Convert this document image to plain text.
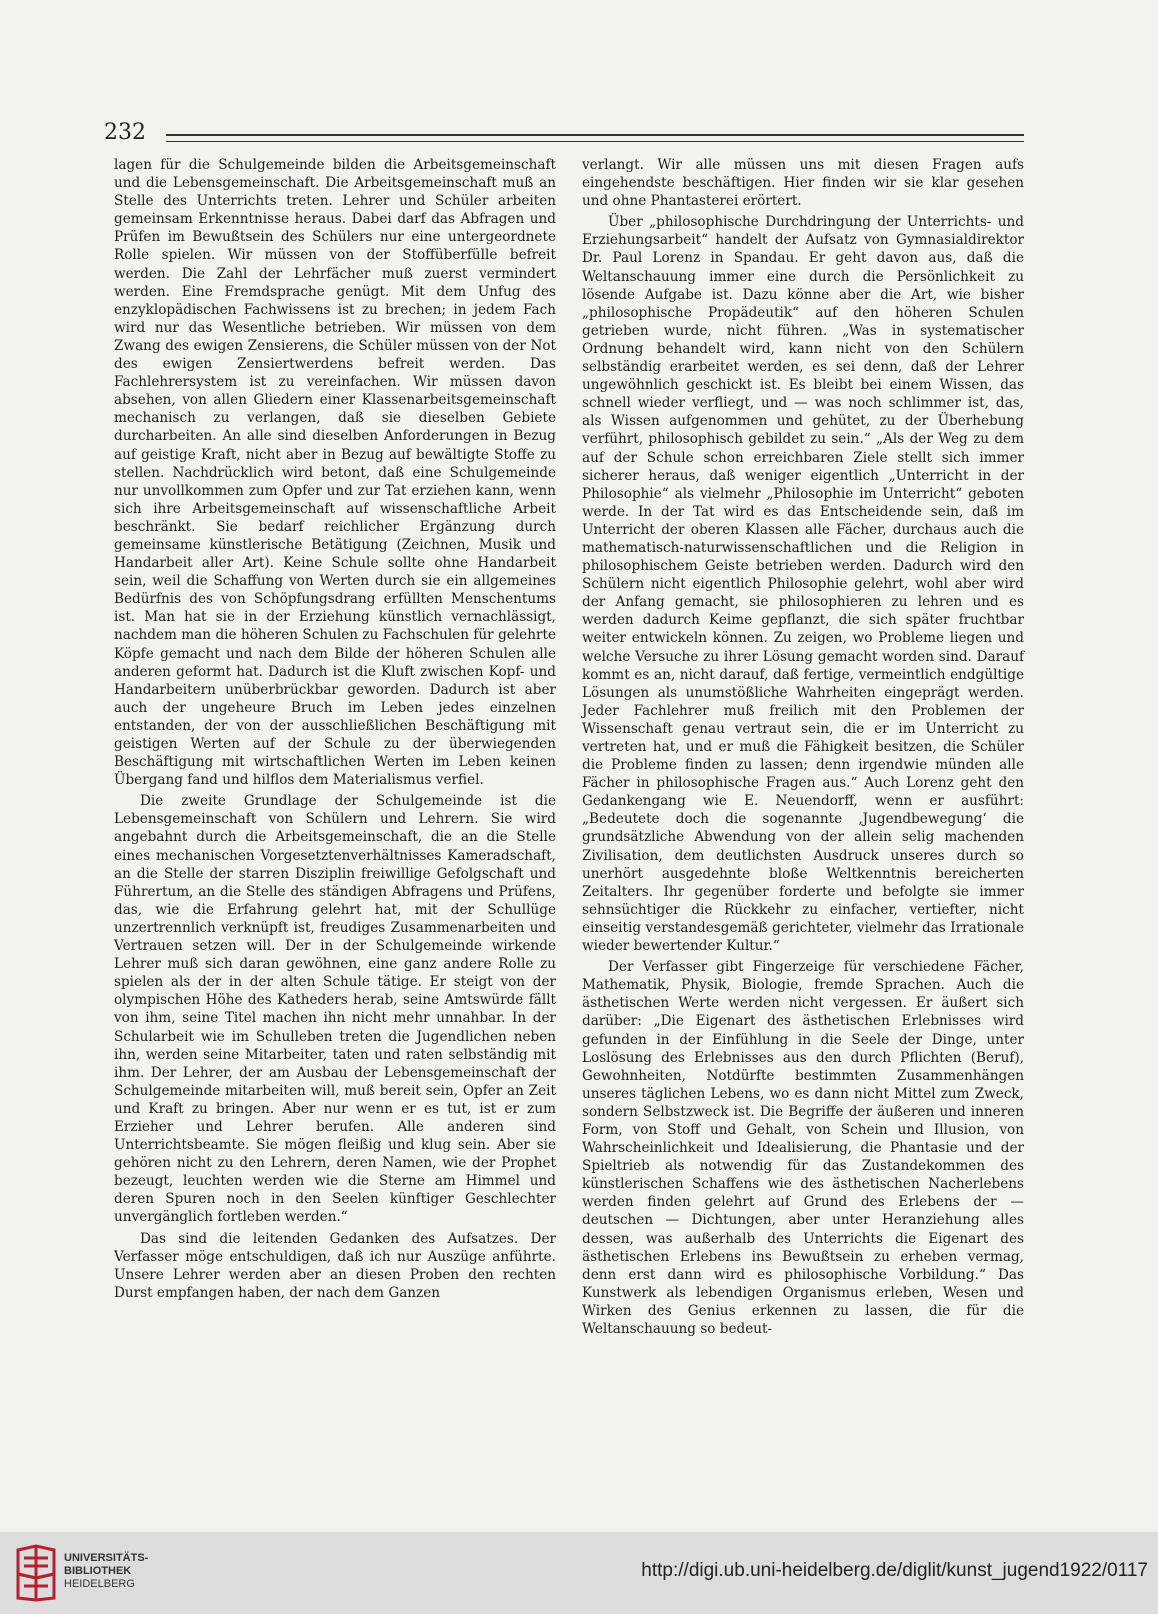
232

lagen für die Schulgemeinde bilden die Arbeitsgemeinschaft und die Lebensgemeinschaft. Die Arbeitsgemeinschaft muß an Stelle des Unterrichts treten. Lehrer und Schüler arbeiten gemeinsam Erkenntnisse heraus. Dabei darf das Abfragen und Prüfen im Bewußtsein des Schülers nur eine untergeordnete Rolle spielen. Wir müssen von der Stoffüberfülle befreit werden. Die Zahl der Lehrfächer muß zuerst vermindert werden. Eine Fremdsprache genügt. Mit dem Unfug des enzyklopädischen Fachwissens ist zu brechen; in jedem Fach wird nur das Wesentliche betrieben. Wir müssen von dem Zwang des ewigen Zensierens, die Schüler müssen von der Not des ewigen Zensiertwerdens befreit werden. Das Fachlehrersystem ist zu vereinfachen. Wir müssen davon absehen, von allen Gliedern einer Klassenarbeitsgemeinschaft mechanisch zu verlangen, daß sie dieselben Gebiete durcharbeiten. An alle sind dieselben Anforderungen in Bezug auf geistige Kraft, nicht aber in Bezug auf bewältigte Stoffe zu stellen. Nachdrücklich wird betont, daß eine Schulgemeinde nur unvollkommen zum Opfer und zur Tat erziehen kann, wenn sich ihre Arbeitsgemeinschaft auf wissenschaftliche Arbeit beschränkt. Sie bedarf reichlicher Ergänzung durch gemeinsame künstlerische Betätigung (Zeichnen, Musik und Handarbeit aller Art). Keine Schule sollte ohne Handarbeit sein, weil die Schaffung von Werten durch sie ein allgemeines Bedürfnis des von Schöpfungsdrang erfüllten Menschentums ist. Man hat sie in der Erziehung künstlich vernachlässigt, nachdem man die höheren Schulen zu Fachschulen für gelehrte Köpfe gemacht und nach dem Bilde der höheren Schulen alle anderen geformt hat. Dadurch ist die Kluft zwischen Kopf- und Handarbeitern unüberbrückbar geworden. Dadurch ist aber auch der ungeheure Bruch im Leben jedes einzelnen entstanden, der von der ausschließlichen Beschäftigung mit geistigen Werten auf der Schule zu der überwiegenden Beschäftigung mit wirtschaftlichen Werten im Leben keinen Übergang fand und hilflos dem Materialismus verfiel.

Die zweite Grundlage der Schulgemeinde ist die Lebensgemeinschaft von Schülern und Lehrern. Sie wird angebahnt durch die Arbeitsgemeinschaft, die an die Stelle eines mechanischen Vorgesetztenverhältnisses Kameradschaft, an die Stelle der starren Disziplin freiwillige Gefolgschaft und Führertum, an die Stelle des ständigen Abfragens und Prüfens, das, wie die Erfahrung gelehrt hat, mit der Schullüge unzertrennlich verknüpft ist, freudiges Zusammenarbeiten und Vertrauen setzen will. Der in der Schulgemeinde wirkende Lehrer muß sich daran gewöhnen, eine ganz andere Rolle zu spielen als der in der alten Schule tätige. Er steigt von der olympischen Höhe des Katheders herab, seine Amtswürde fällt von ihm, seine Titel machen ihn nicht mehr unnahbar. In der Schularbeit wie im Schulleben treten die Jugendlichen neben ihn, werden seine Mitarbeiter, taten und raten selbständig mit ihm. Der Lehrer, der am Ausbau der Lebensgemeinschaft der Schulgemeinde mitarbeiten will, muß bereit sein, Opfer an Zeit und Kraft zu bringen. Aber nur wenn er es tut, ist er zum Erzieher und Lehrer berufen. Alle anderen sind Unterrichtsbeamte. Sie mögen fleißig und klug sein. Aber sie gehören nicht zu den Lehrern, deren Namen, wie der Prophet bezeugt, leuchten werden wie die Sterne am Himmel und deren Spuren noch in den Seelen künftiger Geschlechter unvergänglich fortleben werden.“

Das sind die leitenden Gedanken des Aufsatzes. Der Verfasser möge entschuldigen, daß ich nur Auszüge anführte. Unsere Lehrer werden aber an diesen Proben den rechten Durst empfangen haben, der nach dem Ganzen

verlangt. Wir alle müssen uns mit diesen Fragen aufs eingehendste beschäftigen. Hier finden wir sie klar gesehen und ohne Phantasterei erörtert.

Über „philosophische Durchdringung der Unterrichts- und Erziehungsarbeit“ handelt der Aufsatz von Gymnasialdirektor Dr. Paul Lorenz in Spandau. Er geht davon aus, daß die Weltanschauung immer eine durch die Persönlichkeit zu lösende Aufgabe ist. Dazu könne aber die Art, wie bisher „philosophische Propädeutik“ auf den höheren Schulen getrieben wurde, nicht führen. „Was in systematischer Ordnung behandelt wird, kann nicht von den Schülern selbständig erarbeitet werden, es sei denn, daß der Lehrer ungewöhnlich geschickt ist. Es bleibt bei einem Wissen, das schnell wieder verfliegt, und — was noch schlimmer ist, das, als Wissen aufgenommen und gehütet, zu der Überhebung verführt, philosophisch gebildet zu sein.“ „Als der Weg zu dem auf der Schule schon erreichbaren Ziele stellt sich immer sicherer heraus, daß weniger eigentlich „Unterricht in der Philosophie“ als vielmehr „Philosophie im Unterricht“ geboten werde. In der Tat wird es das Entscheidende sein, daß im Unterricht der oberen Klassen alle Fächer, durchaus auch die mathematisch-naturwissenschaftlichen und die Religion in philosophischem Geiste betrieben werden. Dadurch wird den Schülern nicht eigentlich Philosophie gelehrt, wohl aber wird der Anfang gemacht, sie philosophieren zu lehren und es werden dadurch Keime gepflanzt, die sich später fruchtbar weiter entwickeln können. Zu zeigen, wo Probleme liegen und welche Versuche zu ihrer Lösung gemacht worden sind. Darauf kommt es an, nicht darauf, daß fertige, vermeintlich endgültige Lösungen als unumstößliche Wahrheiten eingeprägt werden. Jeder Fachlehrer muß freilich mit den Problemen der Wissenschaft genau vertraut sein, die er im Unterricht zu vertreten hat, und er muß die Fähigkeit besitzen, die Schüler die Probleme finden zu lassen; denn irgendwie münden alle Fächer in philosophische Fragen aus.“ Auch Lorenz geht den Gedankengang wie E. Neuendorff, wenn er ausführt: „Bedeutete doch die sogenannte ‚Jugendbewegung‘ die grundsätzliche Abwendung von der allein selig machenden Zivilisation, dem deutlichsten Ausdruck unseres durch so unerhört ausgedehnte bloße Weltkenntnis bereicherten Zeitalters. Ihr gegenüber forderte und befolgte sie immer sehnsüchtiger die Rückkehr zu einfacher, vertiefter, nicht einseitig verstandesgemäß gerichteter, vielmehr das Irrationale wieder bewertender Kultur.“

Der Verfasser gibt Fingerzeige für verschiedene Fächer, Mathematik, Physik, Biologie, fremde Sprachen. Auch die ästhetischen Werte werden nicht vergessen. Er äußert sich darüber: „Die Eigenart des ästhetischen Erlebnisses wird gefunden in der Einfühlung in die Seele der Dinge, unter Loslösung des Erlebnisses aus den durch Pflichten (Beruf), Gewohnheiten, Notdürfte bestimmten Zusammenhängen unseres täglichen Lebens, wo es dann nicht Mittel zum Zweck, sondern Selbstzweck ist. Die Begriffe der äußeren und inneren Form, von Stoff und Gehalt, von Schein und Illusion, von Wahrscheinlichkeit und Idealisierung, die Phantasie und der Spieltrieb als notwendig für das Zustandekommen des künstlerischen Schaffens wie des ästhetischen Nacherlebens werden finden gelehrt auf Grund des Erlebens der — deutschen — Dichtungen, aber unter Heranziehung alles dessen, was außerhalb des Unterrichts die Eigenart des ästhetischen Erlebens ins Bewußtsein zu erheben vermag, denn erst dann wird es philosophische Vorbildung.“ Das Kunstwerk als lebendigen Organismus erleben, Wesen und Wirken des Genius erkennen zu lassen, die für die Weltanschauung so bedeut-

UNIVERSITÄTS-
BIBLIOTHEK
HEIDELBERG
http://digi.ub.uni-heidelberg.de/diglit/kunst_jugend1922/0117
